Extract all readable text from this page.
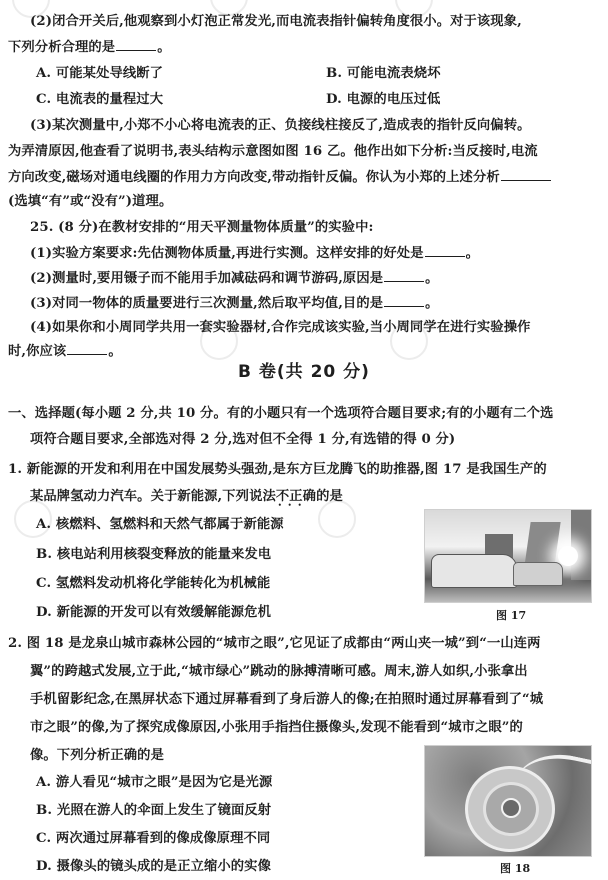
(2)闭合开关后,他观察到小灯泡正常发光,而电流表指针偏转角度很小。对于该现象,
下列分析合理的是	。
A. 可能某处导线断了	B. 可能电流表烧坏
C. 电流表的量程过大	D. 电源的电压过低
(3)某次测量中,小郑不小心将电流表的正、负接线柱接反了,造成表的指针反向偏转。
为弄清原因,他查看了说明书,表头结构示意图如图 16 乙。他作出如下分析:当反接时,电流
方向改变,磁场对通电线圈的作用力方向改变,带动指针反偏。你认为小郑的上述分析
(选填“有”或“没有”)道理。
25. (8 分)在教材安排的“用天平测量物体质量”的实验中:
(1)实验方案要求:先估测物体质量,再进行实测。这样安排的好处是	。
(2)测量时,要用镊子而不能用手加减砝码和调节游码,原因是	。
(3)对同一物体的质量要进行三次测量,然后取平均值,目的是	。
(4)如果你和小周同学共用一套实验器材,合作完成该实验,当小周同学在进行实验操作
时,你应该	。
B 卷(共 20 分)
一、选择题(每小题 2 分,共 10 分。有的小题只有一个选项符合题目要求;有的小题有二个选
项符合题目要求,全部选对得 2 分,选对但不全得 1 分,有选错的得 0 分)
1. 新能源的开发和利用在中国发展势头强劲,是东方巨龙腾飞的助推器,图 17 是我国生产的
某品牌氢动力汽车。关于新能源,下列说法不正确 • • •的是
A. 核燃料、氢燃料和天然气都属于新能源
B. 核电站利用核裂变释放的能量来发电
C. 氢燃料发动机将化学能转化为机械能
D. 新能源的开发可以有效缓解能源危机	图 17
2. 图 18 是龙泉山城市森林公园的“城市之眼”,它见证了成都由“两山夹一城”到“一山连两
翼”的跨越式发展,立于此,“城市绿心”跳动的脉搏清晰可感。周末,游人如织,小张拿出
手机留影纪念,在黑屏状态下通过屏幕看到了身后游人的像;在拍照时通过屏幕看到了“城
市之眼”的像,为了探究成像原因,小张用手指挡住摄像头,发现不能看到“城市之眼”的
像。下列分析正确的是
A. 游人看见“城市之眼”是因为它是光源
B. 光照在游人的伞面上发生了镜面反射
C. 两次通过屏幕看到的像成像原理不同
D. 摄像头的镜头成的是正立缩小的实像	图 18
